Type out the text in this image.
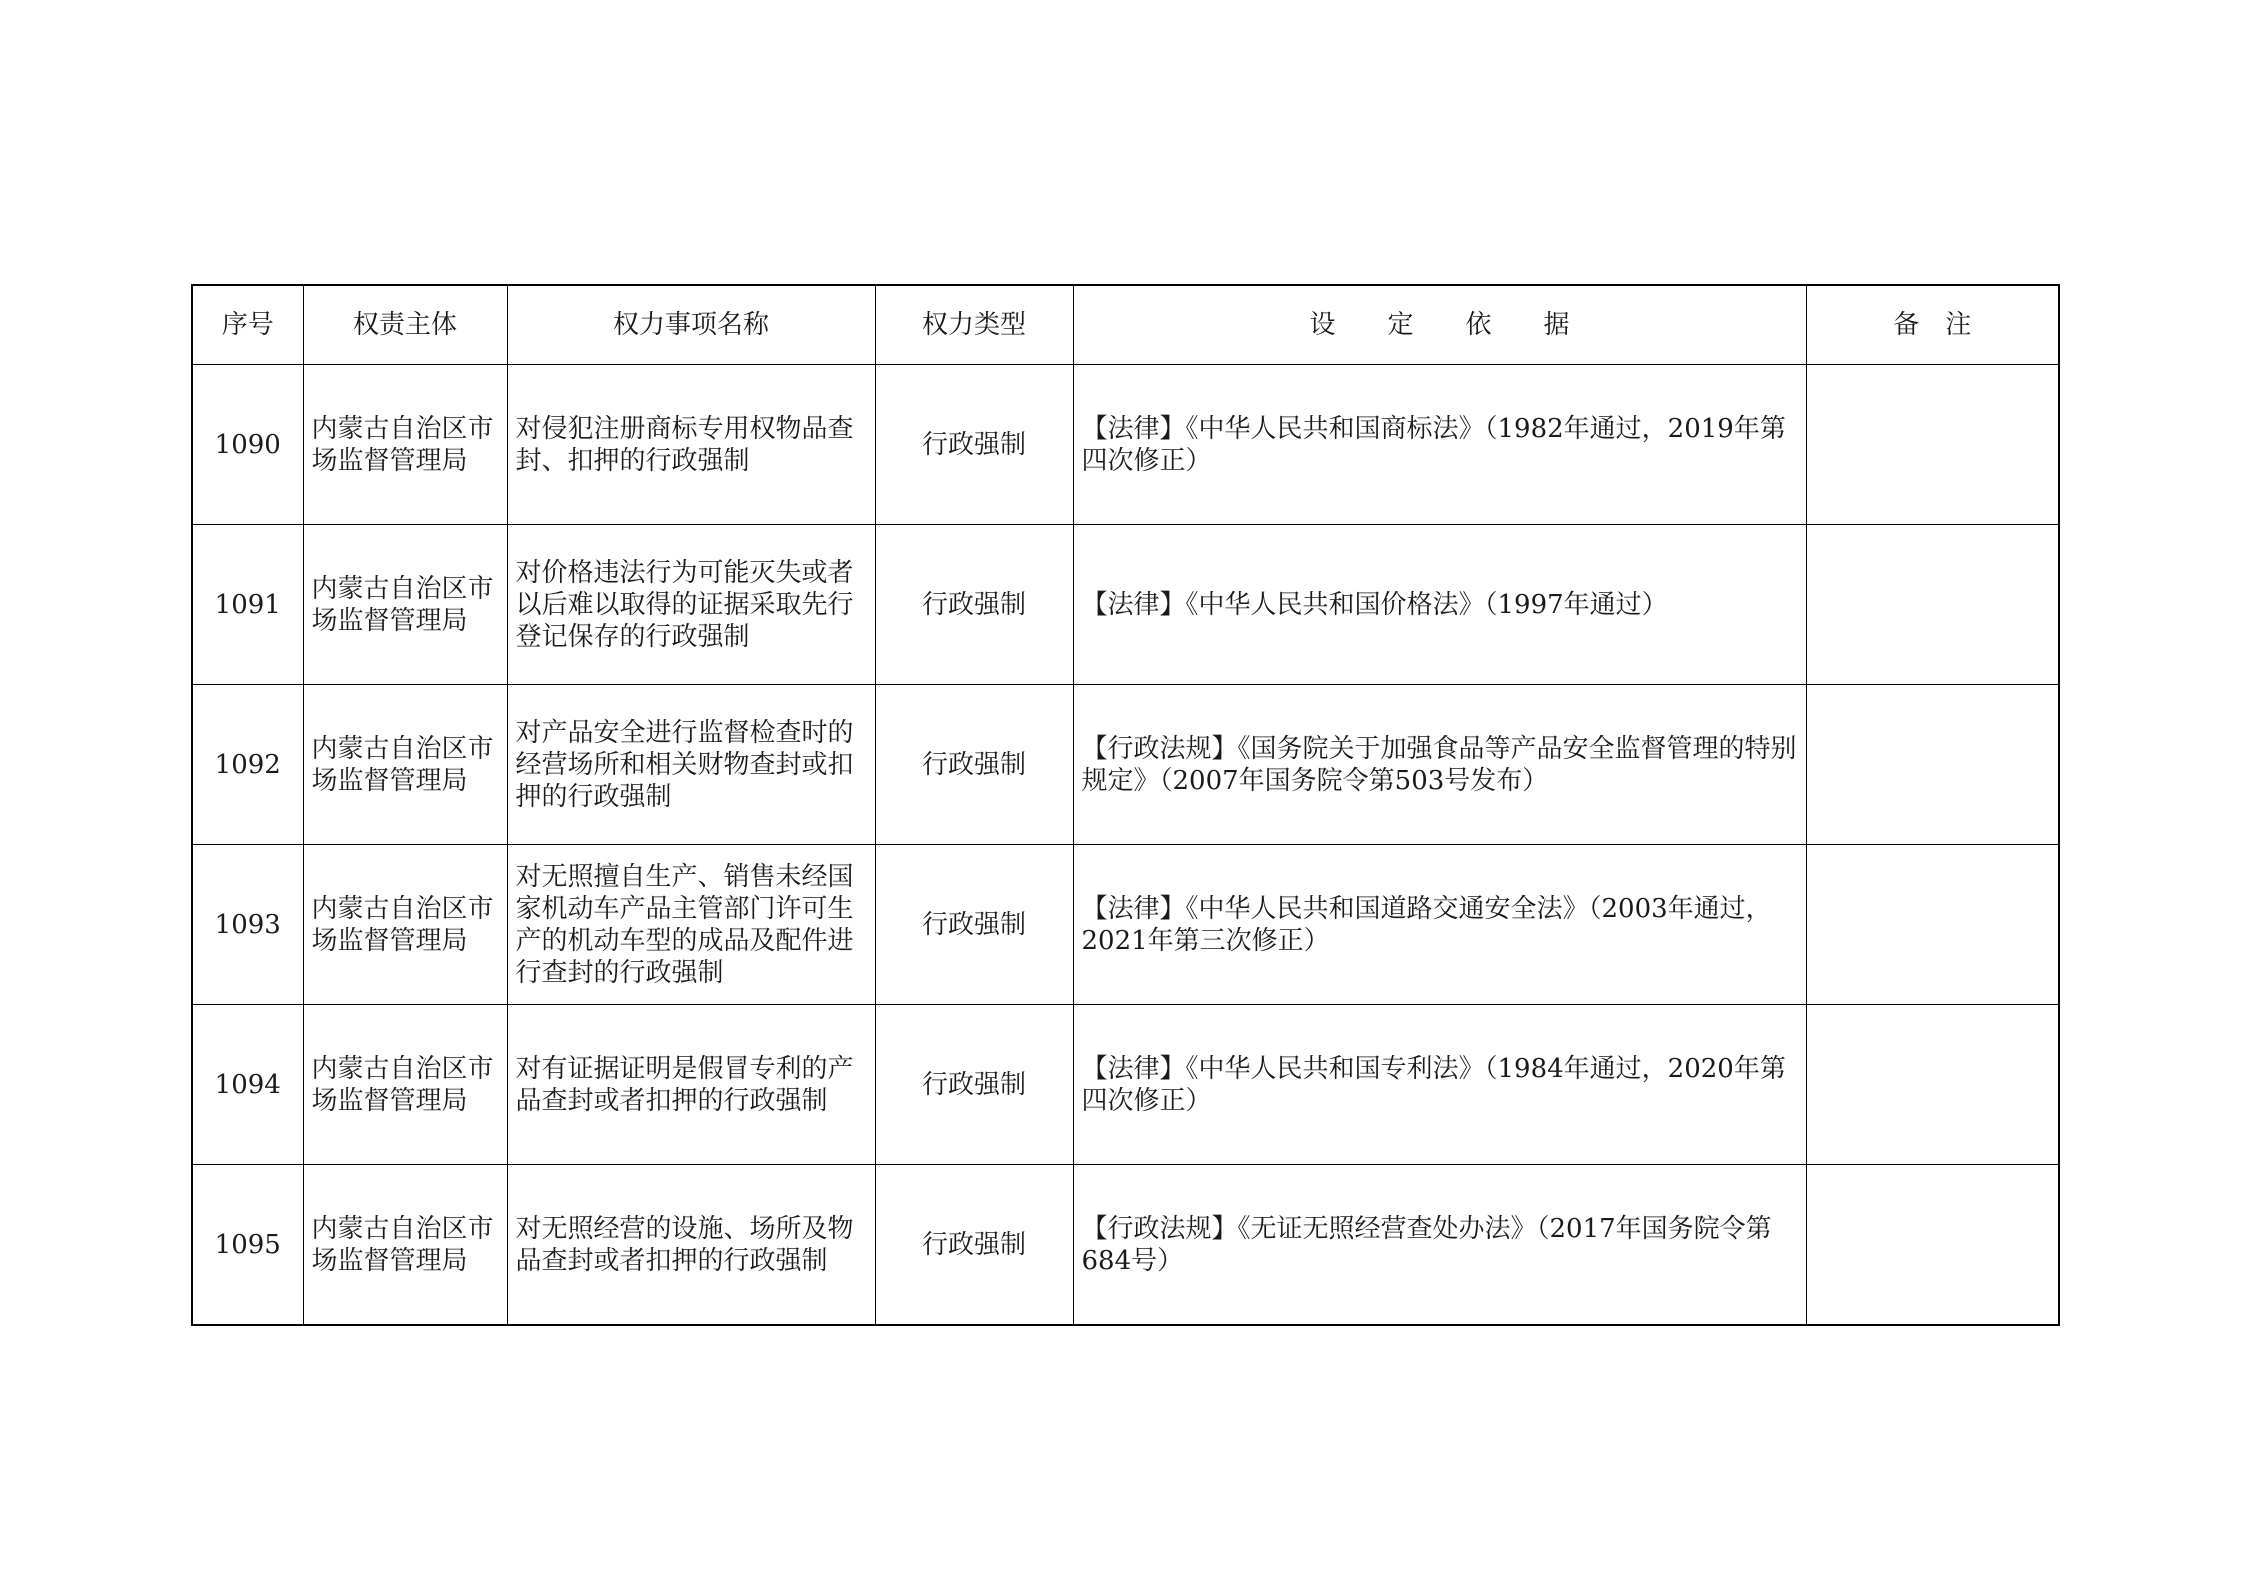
序号	权责主体	权力事项名称	权力类型	设　　定　　依　　据	备　注
1090	内蒙古自治区市场监督管理局	对侵犯注册商标专用权物品查封、扣押的行政强制	行政强制	【法律】《中华人民共和国商标法》（1982年通过，2019年第四次修正）	
1091	内蒙古自治区市场监督管理局	对价格违法行为可能灭失或者以后难以取得的证据采取先行登记保存的行政强制	行政强制	【法律】《中华人民共和国价格法》（1997年通过）	
1092	内蒙古自治区市场监督管理局	对产品安全进行监督检查时的经营场所和相关财物查封或扣押的行政强制	行政强制	【行政法规】《国务院关于加强食品等产品安全监督管理的特别规定》（2007年国务院令第503号发布）	
1093	内蒙古自治区市场监督管理局	对无照擅自生产、销售未经国家机动车产品主管部门许可生产的机动车型的成品及配件进行查封的行政强制	行政强制	【法律】《中华人民共和国道路交通安全法》（2003年通过，2021年第三次修正）	
1094	内蒙古自治区市场监督管理局	对有证据证明是假冒专利的产品查封或者扣押的行政强制	行政强制	【法律】《中华人民共和国专利法》（1984年通过，2020年第四次修正）	
1095	内蒙古自治区市场监督管理局	对无照经营的设施、场所及物品查封或者扣押的行政强制	行政强制	【行政法规】《无证无照经营查处办法》（2017年国务院令第684号）	
